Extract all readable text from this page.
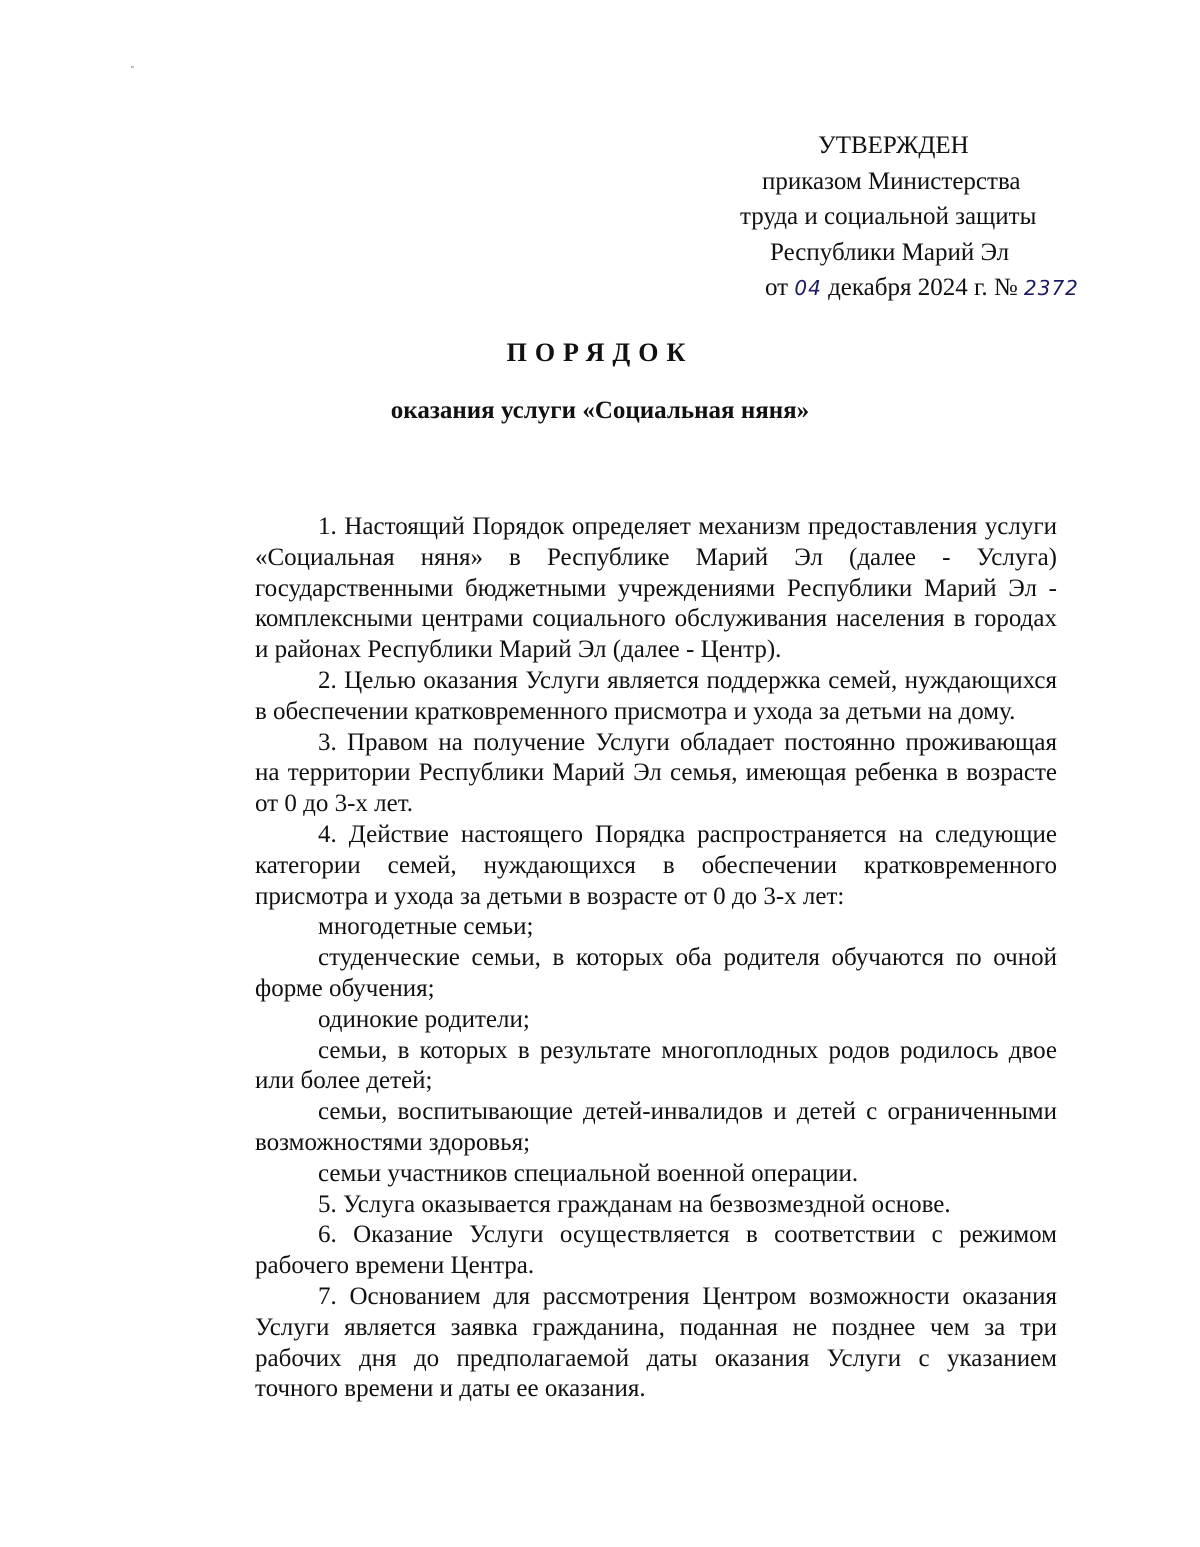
УТВЕРЖДЕН
приказом Министерства
труда и социальной защиты
Республики Марий Эл
от 04 декабря 2024 г. № 2372
ПОРЯДОК
оказания услуги «Социальная няня»

1. Настоящий Порядок определяет механизм предоставления услуги «Социальная няня» в Республике Марий Эл (далее - Услуга) государственными бюджетными учреждениями Республики Марий Эл - комплексными центрами социального обслуживания населения в городах и районах Республики Марий Эл (далее - Центр).

2. Целью оказания Услуги является поддержка семей, нуждающихся в обеспечении кратковременного присмотра и ухода за детьми на дому.

3. Правом на получение Услуги обладает постоянно проживающая на территории Республики Марий Эл семья, имеющая ребенка в возрасте от 0 до 3-х лет.

4. Действие настоящего Порядка распространяется на следующие категории семей, нуждающихся в обеспечении кратковременного присмотра и ухода за детьми в возрасте от 0 до 3-х лет:

многодетные семьи;

студенческие семьи, в которых оба родителя обучаются по очной форме обучения;

одинокие родители;

семьи, в которых в результате многоплодных родов родилось двое или более детей;

семьи, воспитывающие детей-инвалидов и детей с ограниченными возможностями здоровья;

семьи участников специальной военной операции.

5. Услуга оказывается гражданам на безвозмездной основе.

6. Оказание Услуги осуществляется в соответствии с режимом рабочего времени Центра.

7. Основанием для рассмотрения Центром возможности оказания Услуги является заявка гражданина, поданная не позднее чем за три рабочих дня до предполагаемой даты оказания Услуги с указанием точного времени и даты ее оказания.
